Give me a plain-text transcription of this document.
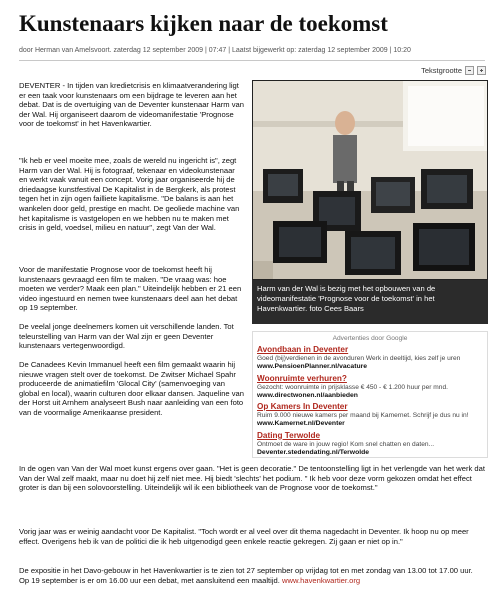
Kunstenaars kijken naar de toekomst
door Herman van Amelsvoort. zaterdag 12 september 2009 | 07:47 | Laatst bijgewerkt op: zaterdag 12 september 2009 | 10:20
Tekstgrootte

DEVENTER - In tijden van kredietcrisis en klimaatverandering ligt er een taak voor kunstenaars om een bijdrage te leveren aan het debat. Dat is de overtuiging van de Deventer kunstenaar Harm van der Wal. Hij organiseert daarom de videomanifestatie 'Prognose voor de toekomst' in het Havenkwartier.

"Ik heb er veel moeite mee, zoals de wereld nu ingericht is", zegt Harm van der Wal. Hij is fotograaf, tekenaar en videokunstenaar en werkt vaak vanuit een concept. Vorig jaar organiseerde hij de driedaagse kunstfestival De Kapitalist in de Bergkerk, als protest tegen het in zijn ogen failliete kapitalisme. "De balans is aan het wankelen door geld, prestige en macht. De geoliede machine van het kapitalisme is vastgelopen en we hebben nu te maken met crisis in geld, voedsel, milieu en natuur", zegt Van der Wal.

Voor de manifestatie Prognose voor de toekomst heeft hij kunstenaars gevraagd een film te maken. "De vraag was: hoe moeten we verder? Maak een plan." Uiteindelijk hebben er 21 een video ingestuurd en nemen twee kunstenaars deel aan het debat op 19 september.

De veelal jonge deelnemers komen uit verschillende landen. Tot teleurstelling van Harm van der Wal zijn er geen Deventer kunstenaars vertegenwoordigd.

De Canadees Kevin Immanuel heeft een film gemaakt waarin hij nieuwe vragen stelt over de toekomst. De Zwitser Michael Spahr produceerde de animatiefilm 'Glocal City' (samenvoeging van global en local), waarin culturen door elkaar dansen. Jaqueline van der Horst uit Arnhem analyseert Bush naar aanleiding van een foto van de voormalige Amerikaanse president.

Harm van der Wal is bezig met het opbouwen van de videomanifestatie 'Prognose voor de toekomst' in het Havenkwartier. foto Cees Baars
Advertenties door Google
Avondbaan in Deventer
Goed (bij)verdienen in de avonduren Werk in deeltijd, kies zelf je uren
www.PensioenPlanner.nl/vacature
Woonruimte verhuren?
Gezocht: woonruimte in prijsklasse € 450 - € 1.200 huur per mnd.
www.directwonen.nl/aanbieden
Op Kamers In Deventer
Ruim 9.000 nieuwe kamers per maand bij Kamernet. Schrijf je dus nu in!
www.Kamernet.nl/Deventer
Dating Terwolde
Ontmoet de ware in jouw regio! Kom snel chatten en daten...
Deventer.stedendating.nl/Terwolde

In de ogen van Van der Wal moet kunst ergens over gaan. "Het is geen decoratie." De tentoonstelling ligt in het verlengde van het werk dat Van der Wal zelf maakt, maar nu doet hij zelf niet mee. Hij biedt 'slechts' het podium. " Ik heb voor deze vorm gekozen omdat het effect groter is dan bij een solovoorstelling. Uiteindelijk wil ik een bibliotheek van de Prognose voor de toekomst."

Vorig jaar was er weinig aandacht voor De Kapitalist. "Toch wordt er al veel over dit thema nagedacht in Deventer. Ik hoop nu op meer effect. Overigens heb ik van de politici die ik heb uitgenodigd geen enkele reactie gekregen. Zij gaan er niet op in."

De expositie in het Davo-gebouw in het Havenkwartier is te zien tot 27 september op vrijdag tot en met zondag van 13.00 tot 17.00 uur. Op 19 september is er om 16.00 uur een debat, met aansluitend een maaltijd. www.havenkwartier.org
